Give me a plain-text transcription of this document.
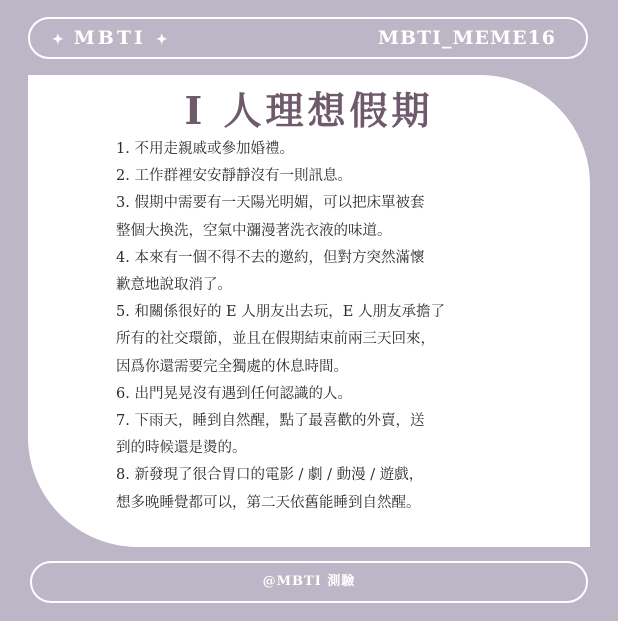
✦ MBTI ✦	MBTI_MEME16
I 人理想假期
1. 不用走親戚或參加婚禮。
2. 工作群裡安安靜靜沒有一則訊息。
3. 假期中需要有一天陽光明媚，可以把床單被套
整個大換洗，空氣中瀰漫著洗衣液的味道。
4. 本來有一個不得不去的邀約，但對方突然滿懷
歉意地說取消了。
5. 和關係很好的 E 人朋友出去玩，E 人朋友承擔了
所有的社交環節，並且在假期結束前兩三天回來，
因爲你還需要完全獨處的休息時間。
6. 出門晃晃沒有遇到任何認識的人。
7. 下雨天，睡到自然醒，點了最喜歡的外賣，送
到的時候還是燙的。
8. 新發現了很合胃口的電影 / 劇 / 動漫 / 遊戲，
想多晚睡覺都可以，第二天依舊能睡到自然醒。
@MBTI 測驗
